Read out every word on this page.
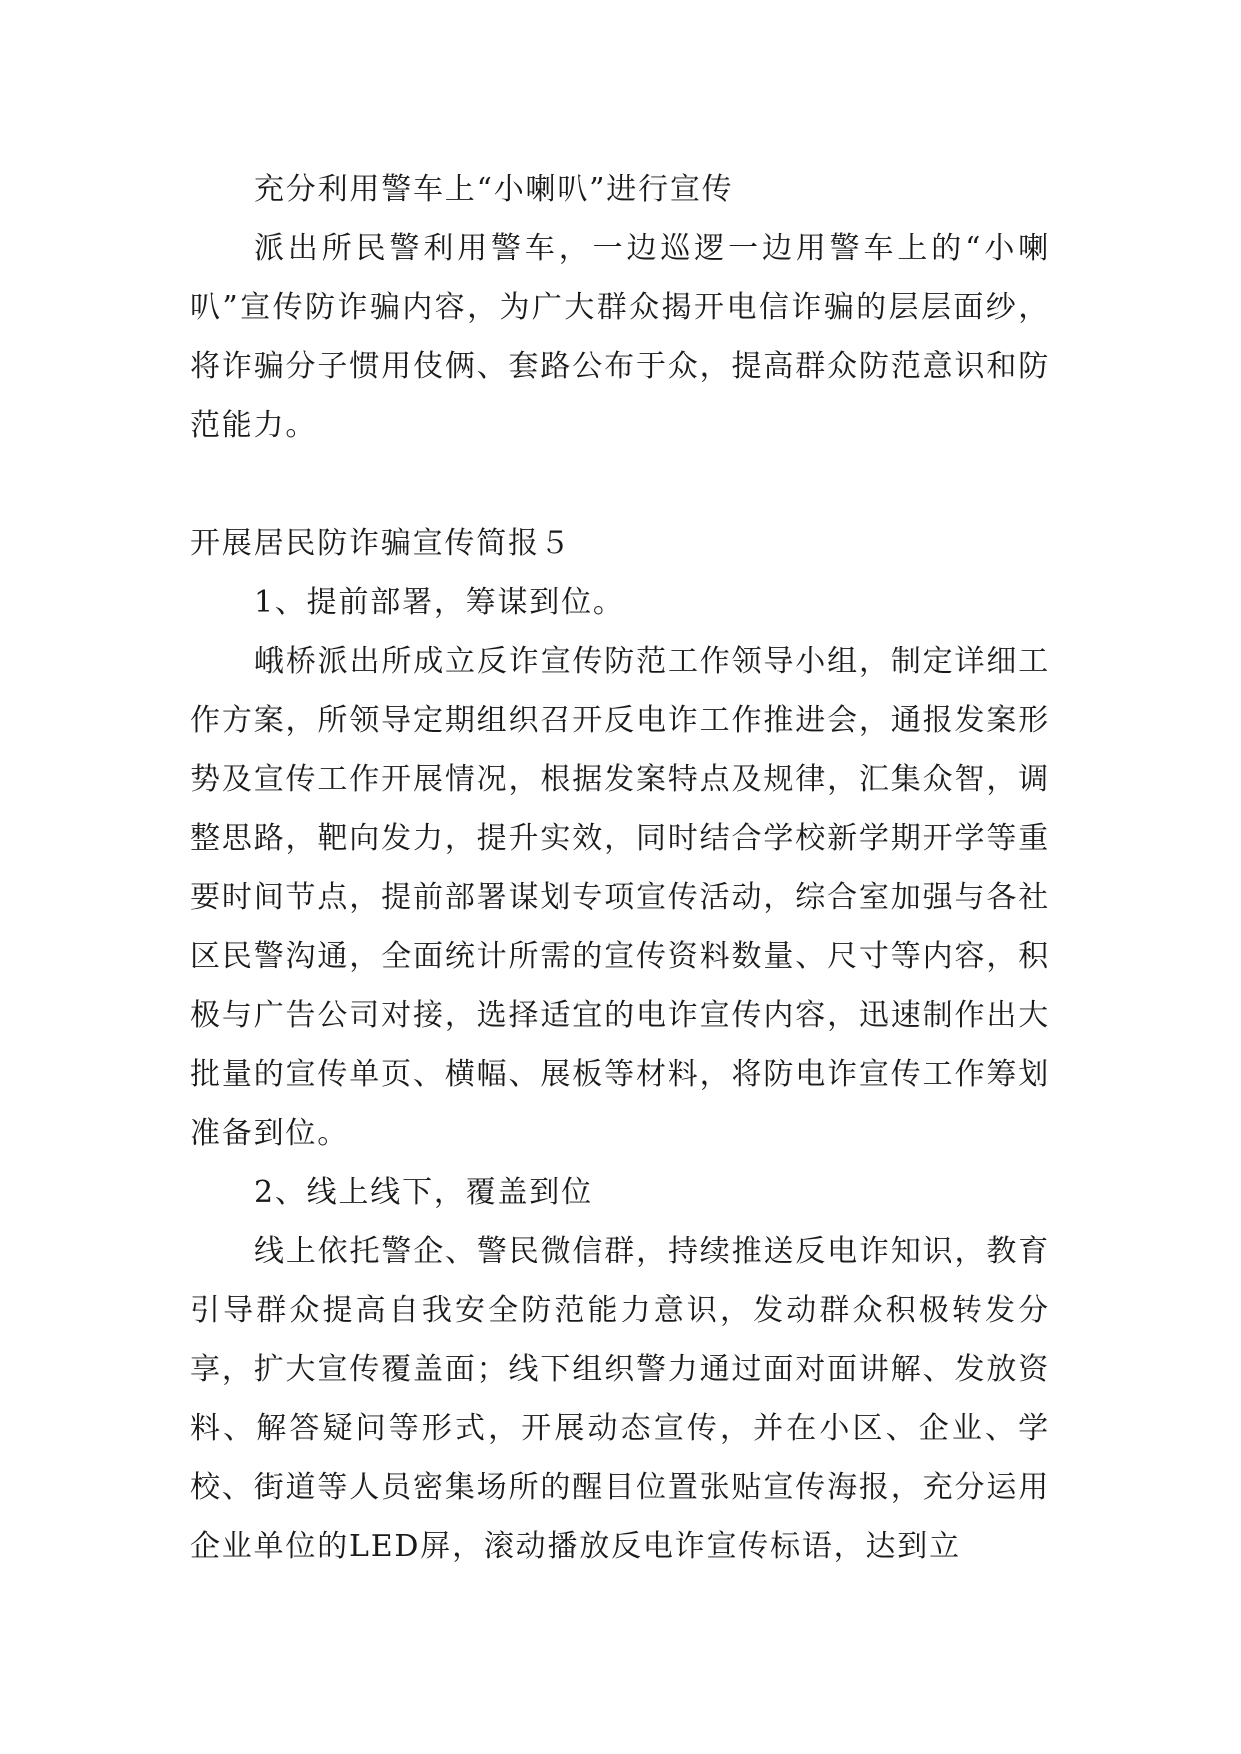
充分利用警车上“小喇叭”进行宣传

派出所民警利用警车，一边巡逻一边用警车上的“小喇叭”宣传防诈骗内容，为广大群众揭开电信诈骗的层层面纱，将诈骗分子惯用伎俩、套路公布于众，提高群众防范意识和防范能力。

开展居民防诈骗宣传简报５

1、提前部署，筹谋到位。

峨桥派出所成立反诈宣传防范工作领导小组，制定详细工作方案，所领导定期组织召开反电诈工作推进会，通报发案形势及宣传工作开展情况，根据发案特点及规律，汇集众智，调整思路，靶向发力，提升实效，同时结合学校新学期开学等重要时间节点，提前部署谋划专项宣传活动，综合室加强与各社区民警沟通，全面统计所需的宣传资料数量、尺寸等内容，积极与广告公司对接，选择适宜的电诈宣传内容，迅速制作出大批量的宣传单页、横幅、展板等材料，将防电诈宣传工作筹划准备到位。

2、线上线下，覆盖到位

线上依托警企、警民微信群，持续推送反电诈知识，教育引导群众提高自我安全防范能力意识，发动群众积极转发分享，扩大宣传覆盖面；线下组织警力通过面对面讲解、发放资料、解答疑问等形式，开展动态宣传，并在小区、企业、学校、街道等人员密集场所的醒目位置张贴宣传海报，充分运用企业单位的LED屏，滚动播放反电诈宣传标语，达到立
